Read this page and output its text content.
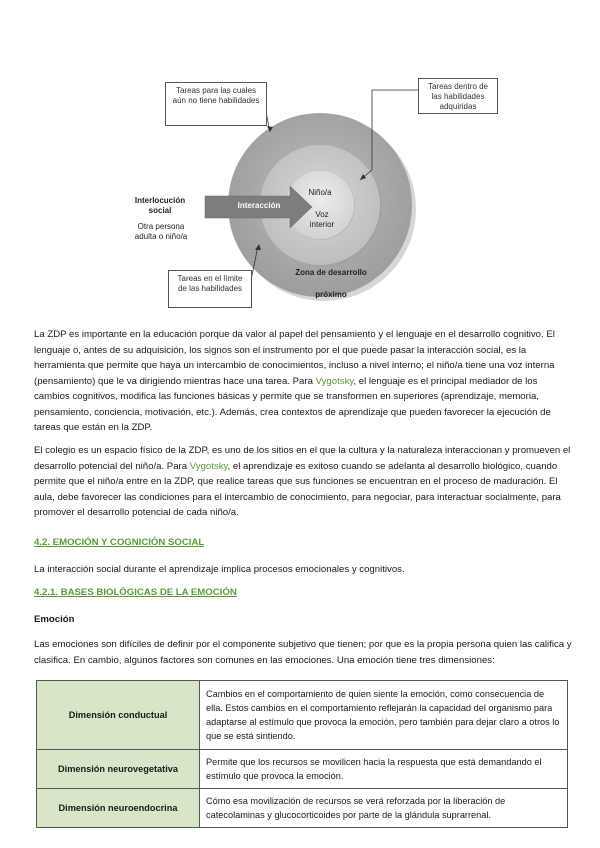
Tareas para las cuales aún no tiene habilidades
Tareas dentro de las habilidades adquiridas
Tareas en el límite de las habilidades
Interlocución social
Otra persona adulta o niño/a
Interacción
Niño/a
Voz interior
Zona de desarrollo
próximo

La ZDP es importante en la educación porque da valor al papel del pensamiento y el lenguaje en el desarrollo cognitivo. El lenguaje o, antes de su adquisición, los signos son el instrumento por el que puede pasar la interacción social, es la herramienta que permite que haya un intercambio de conocimientos, incluso a nivel interno; el niño/a tiene una voz interna (pensamiento) que le va dirigiendo mientras hace una tarea. Para Vygotsky, el lenguaje es el principal mediador de los cambios cognitivos, modifica las funciones básicas y permite que se transformen en superiores (aprendizaje, memoria, pensamiento, conciencia, motivación, etc.). Además, crea contextos de aprendizaje que pueden favorecer la ejecución de tareas que están en la ZDP.

El colegio es un espacio físico de la ZDP, es uno de los sitios en el que la cultura y la naturaleza interaccionan y promueven el desarrollo potencial del niño/a. Para Vygotsky, el aprendizaje es exitoso cuando se adelanta al desarrollo biológico, cuando permite que el niño/a entre en la ZDP, que realice tareas que sus funciones se encuentran en el proceso de maduración. El aula, debe favorecer las condiciones para el intercambio de conocimiento, para negociar, para interactuar socialmente, para promover el desarrollo potencial de cada niño/a.

4.2. EMOCIÓN Y COGNICIÓN SOCIAL

La interacción social durante el aprendizaje implica procesos emocionales y cognitivos.

4.2.1. BASES BIOLÓGICAS DE LA EMOCIÓN

Emoción

Las emociones son difíciles de definir por el componente subjetivo que tienen; por que es la propia persona quien las califica y clasifica. En cambio, algunos factores son comunes en las emociones. Una emoción tiene tres dimensiones:

Dimensión conductual	Cambios en el comportamiento de quien siente la emoción, como consecuencia de ella. Estos cambios en el comportamiento reflejarán la capacidad del organismo para adaptarse al estímulo que provoca la emoción, pero también para dejar claro a otros lo que se está sintiendo.
Dimensión neurovegetativa	Permite que los recursos se movilicen hacia la respuesta que está demandando el estímulo que provoca la emoción.
Dimensión neuroendocrina	Cómo esa movilización de recursos se verá reforzada por la liberación de catecolaminas y glucocorticoides por parte de la glándula suprarrenal.
